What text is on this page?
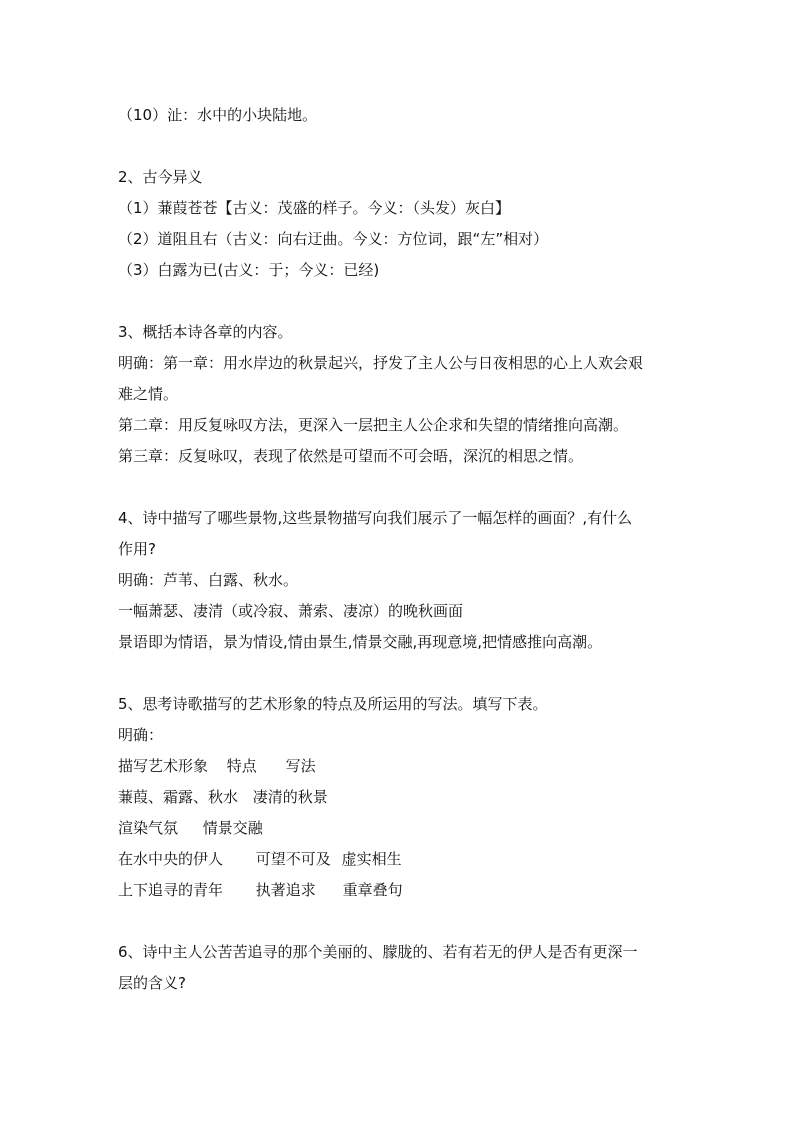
（10）沚：水中的小块陆地。
2、古今异义
（1）蒹葭苍苍【古义：茂盛的样子。今义：（头发）灰白】
（2）道阻且右（古义：向右迂曲。今义：方位词，跟“左”相对）
（3）白露为已(古义：于；今义：已经)
3、概括本诗各章的内容。
明确：第一章：用水岸边的秋景起兴，抒发了主人公与日夜相思的心上人欢会艰
难之情。
第二章：用反复咏叹方法，更深入一层把主人公企求和失望的情绪推向高潮。
第三章：反复咏叹，表现了依然是可望而不可会晤，深沉的相思之情。
4、诗中描写了哪些景物,这些景物描写向我们展示了一幅怎样的画面？,有什么
作用?
明确：芦苇、白露、秋水。
一幅萧瑟、凄清（或冷寂、萧索、凄凉）的晚秋画面
景语即为情语，景为情设,情由景生,情景交融,再现意境,把情感推向高潮。
5、思考诗歌描写的艺术形象的特点及所运用的写法。填写下表。
明确：
描写艺术形象 特点 写法
蒹葭、霜露、秋水 凄清的秋景
渲染气氛 情景交融
在水中央的伊人 可望不可及 虚实相生
上下追寻的青年 执著追求 重章叠句
6、诗中主人公苦苦追寻的那个美丽的、朦胧的、若有若无的伊人是否有更深一
层的含义?
